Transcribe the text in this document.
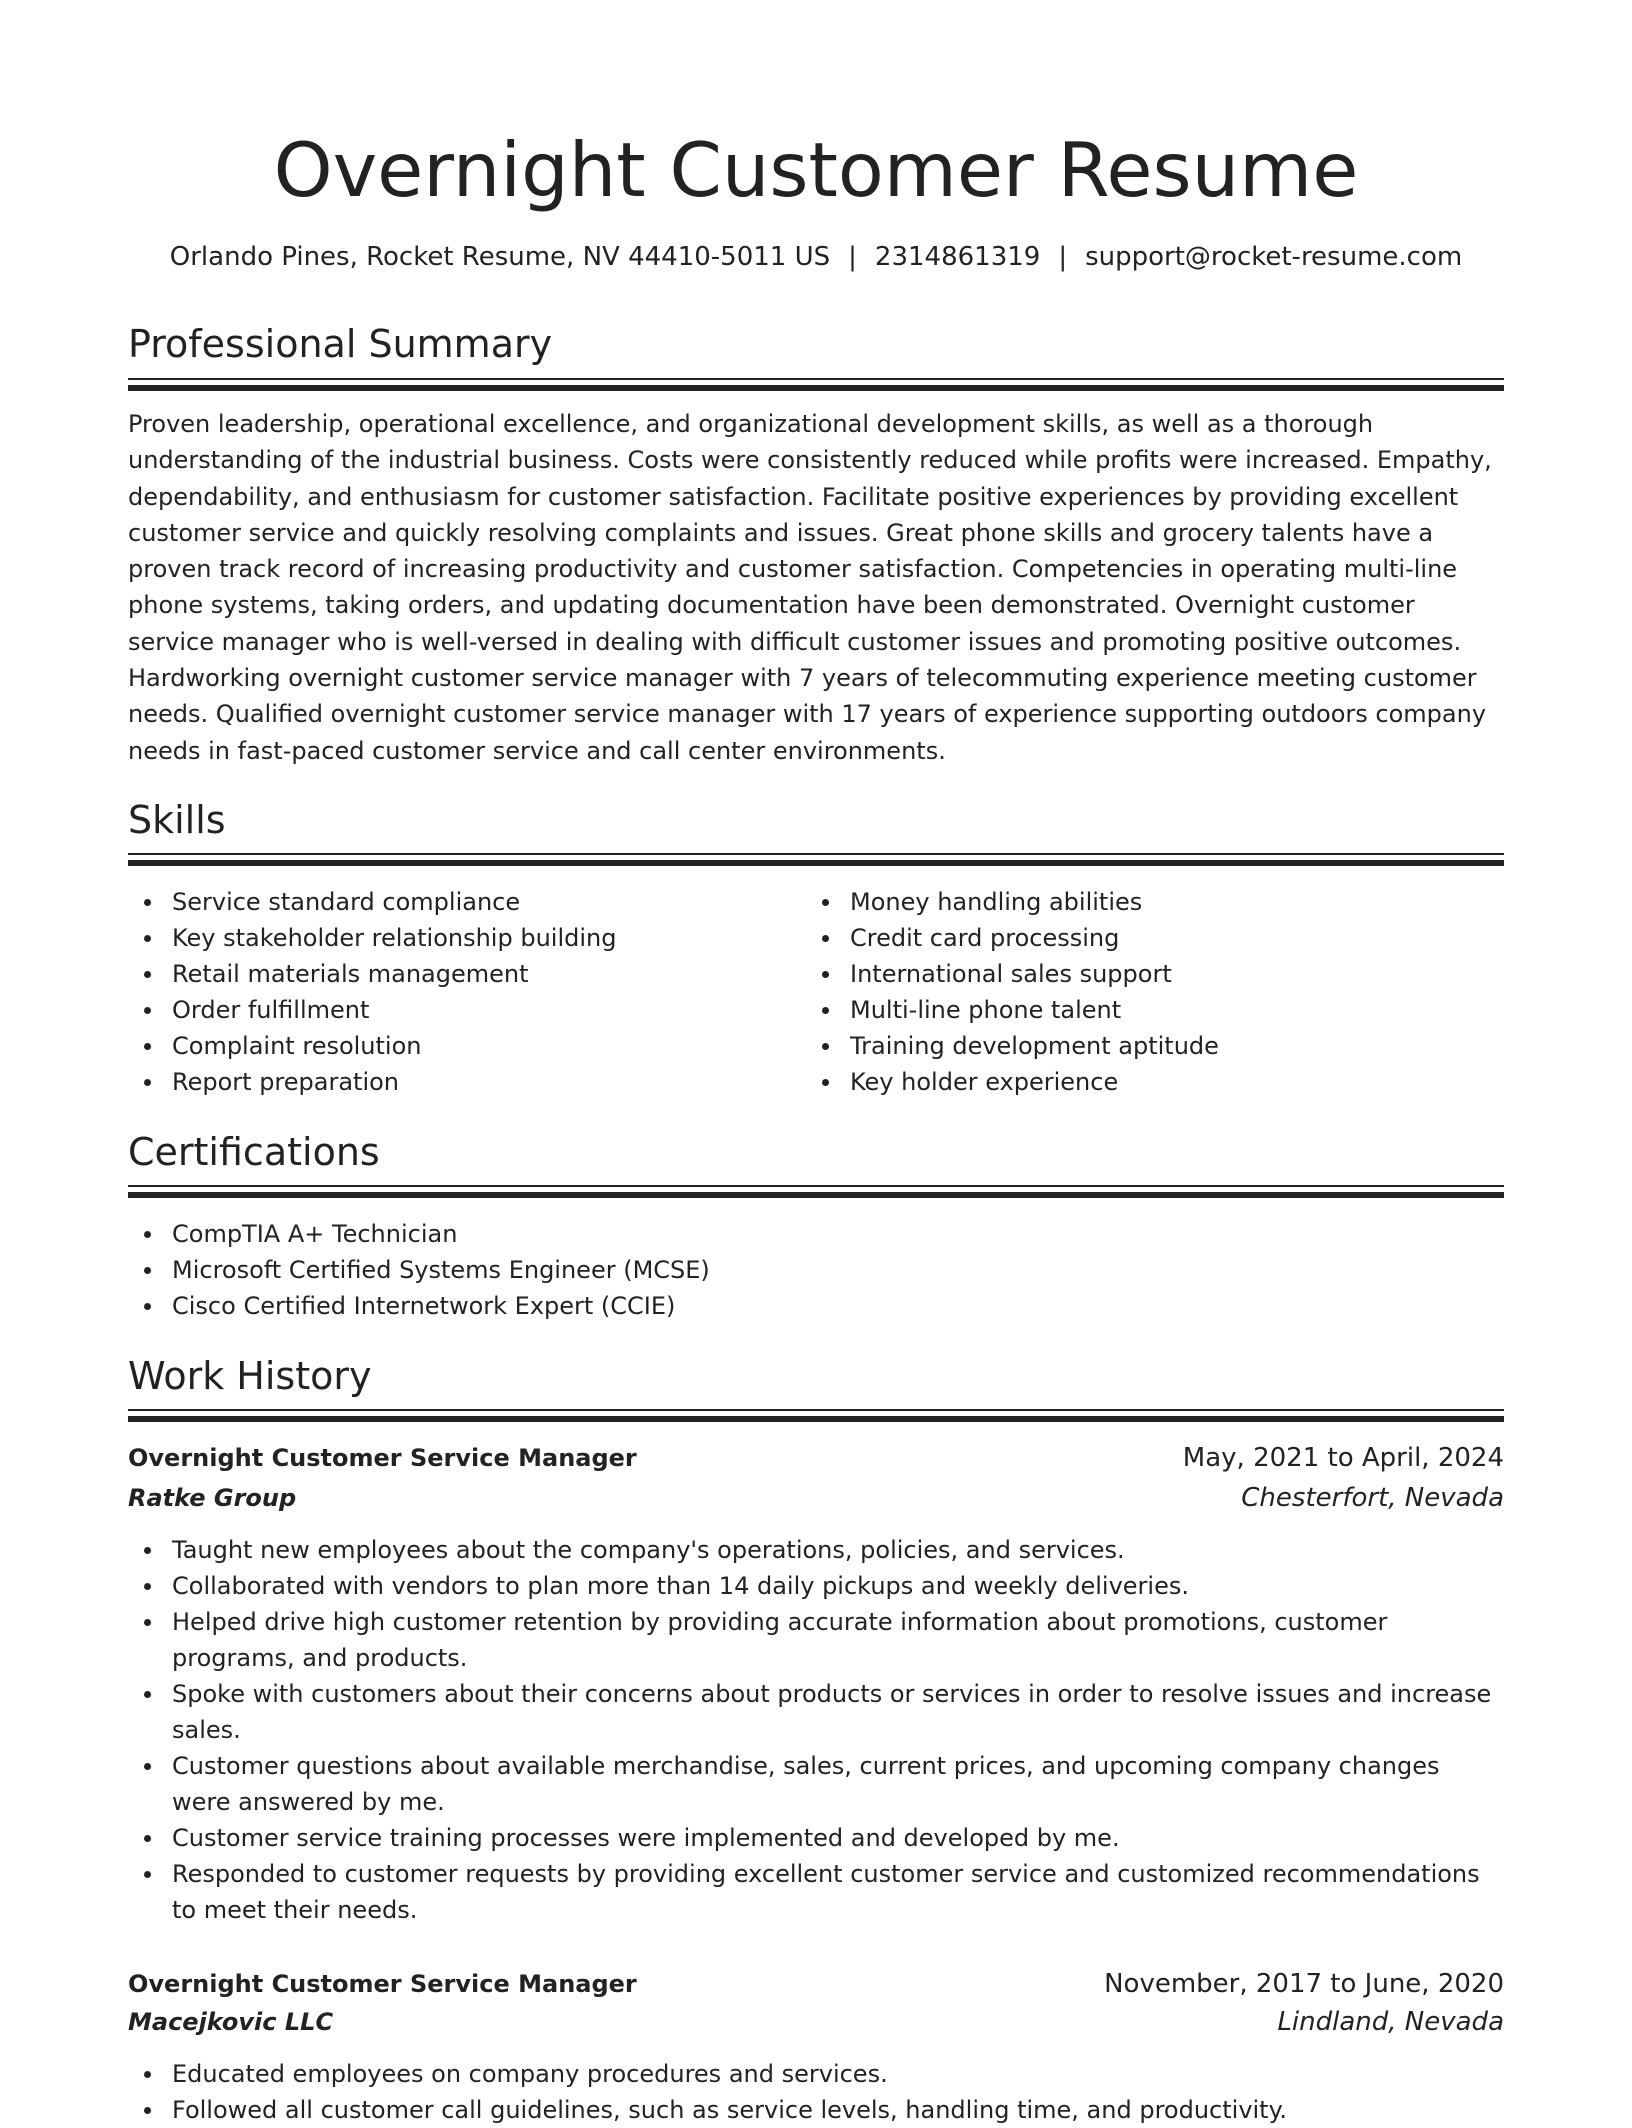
Overnight Customer Resume
Orlando Pines, Rocket Resume, NV 44410-5011 US | 2314861319 | support@rocket-resume.com
Professional Summary

Proven leadership, operational excellence, and organizational development skills, as well as a thorough understanding of the industrial business. Costs were consistently reduced while profits were increased. Empathy, dependability, and enthusiasm for customer satisfaction. Facilitate positive experiences by providing excellent customer service and quickly resolving complaints and issues. Great phone skills and grocery talents have a proven track record of increasing productivity and customer satisfaction. Competencies in operating multi-line phone systems, taking orders, and updating documentation have been demonstrated. Overnight customer service manager who is well-versed in dealing with difficult customer issues and promoting positive outcomes. Hardworking overnight customer service manager with 7 years of telecommuting experience meeting customer needs. Qualified overnight customer service manager with 17 years of experience supporting outdoors company needs in fast-paced customer service and call center environments.

Skills
Service standard compliance
Key stakeholder relationship building
Retail materials management
Order fulfillment
Complaint resolution
Report preparation
Money handling abilities
Credit card processing
International sales support
Multi-line phone talent
Training development aptitude
Key holder experience
Certifications
CompTIA A+ Technician
Microsoft Certified Systems Engineer (MCSE)
Cisco Certified Internetwork Expert (CCIE)
Work History
Overnight Customer Service Manager	May, 2021 to April, 2024
Ratke Group	Chesterfort, Nevada
Taught new employees about the company's operations, policies, and services.
Collaborated with vendors to plan more than 14 daily pickups and weekly deliveries.
Helped drive high customer retention by providing accurate information about promotions, customer programs, and products.
Spoke with customers about their concerns about products or services in order to resolve issues and increase sales.
Customer questions about available merchandise, sales, current prices, and upcoming company changes were answered by me.
Customer service training processes were implemented and developed by me.
Responded to customer requests by providing excellent customer service and customized recommendations to meet their needs.
Overnight Customer Service Manager	November, 2017 to June, 2020
Macejkovic LLC	Lindland, Nevada
Educated employees on company procedures and services.
Followed all customer call guidelines, such as service levels, handling time, and productivity.
